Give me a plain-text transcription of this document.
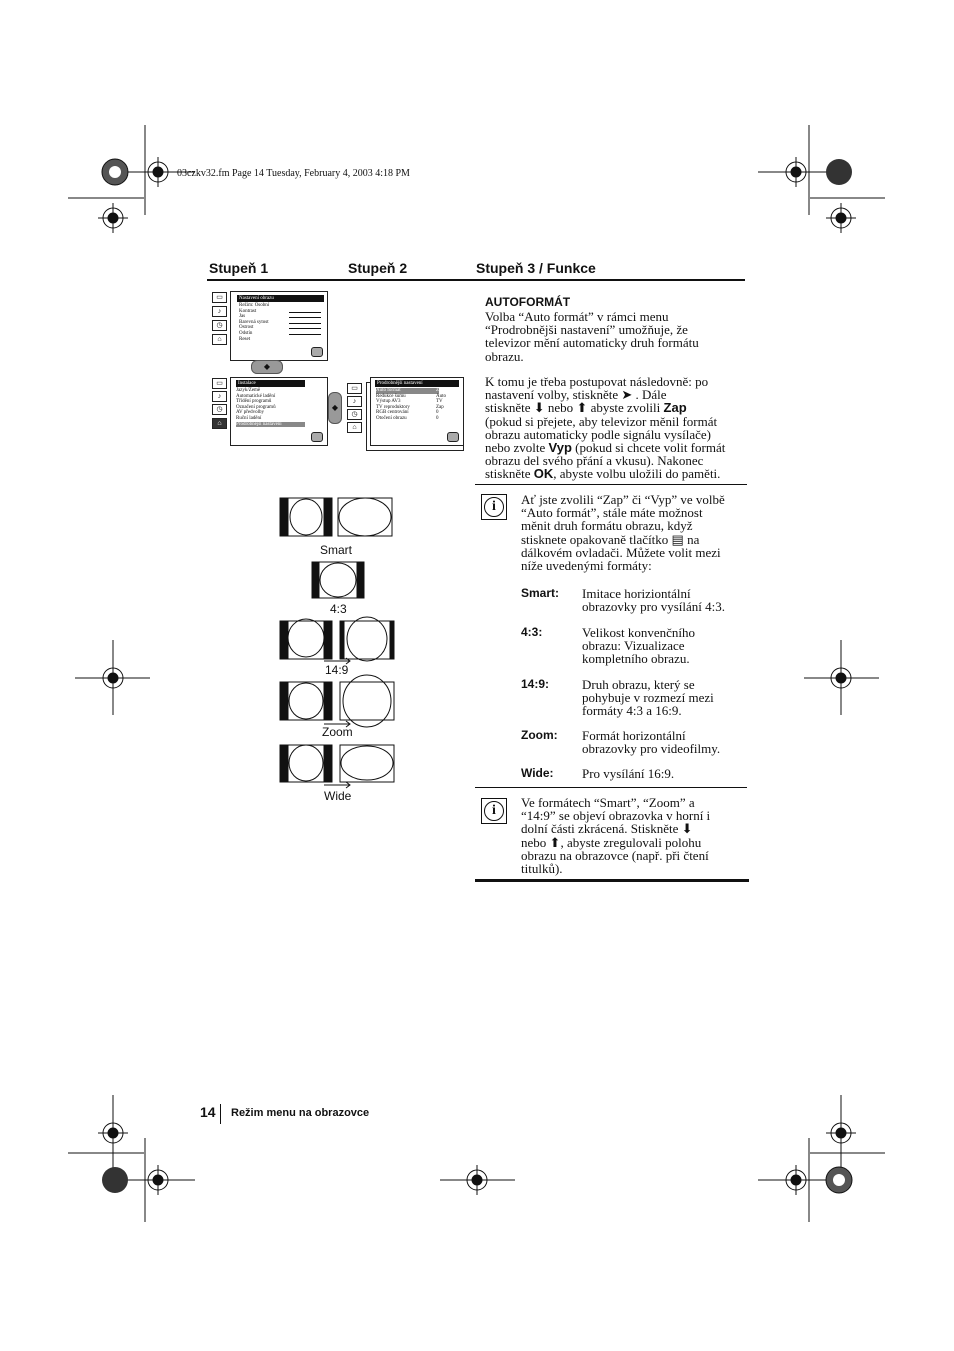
03czkv32.fm Page 14 Tuesday, February 4, 2003 4:18 PM
Stupeň 1	Stupeň 2	Stupeň 3 / Funkce
▭
♪
◷
⌂
Nastavení obrazu
Režim: Osobní
Kontrast
Jas
Barevná sytost
Ostrost
Odstín
Reset
◆
▭
♪
◷
⌂
Instalace
Jazyk/Země
Automatické ladění
Třídění programů
Označení programů
AV předvolby
Ruční ladění
Prodrobnější nastavení
◆
▭
♪
◷
⌂
Prodrobnější nastavení
Auto formát	Zap
Redukce šumu	Auto
Výstup AV3	TV
TV reproduktory	Zap
RGB centrování	0
Otočení obrazu	0
Smart
4:3
14:9
Zoom
Wide
AUTOFORMÁT
Volba “Auto formát” v rámci menu
“Prodrobnějši nastavení” umožňuje, že
televizor mění automaticky druh formátu
obrazu.
K tomu je třeba postupovat následovně: po
nastavení volby, stiskněte ➤ . Dále
stiskněte ⬇ nebo ⬆ abyste zvolili Zap
(pokud si přejete, aby televizor měnil formát
obrazu automaticky podle signálu vysílače)
nebo zvolte Vyp (pokud si chcete volit formát
obrazu del svého přání a vkusu). Nakonec
stiskněte OK, abyste volbu uložili do paměti.
i	Ať jste zvolili “Zap” či “Vyp” ve volbě
“Auto formát”, stále máte možnost
měnit druh formátu obrazu, když
stisknete opakovaně tlačítko ▤ na
dálkovém ovladači. Můžete volit mezi
níže uvedenými formáty:
Smart: Imitace horiziontální
obrazovky pro vysílání 4:3.
4:3:	Velikost konvenčního
obrazu: Vizualizace
kompletního obrazu.
14:9:	Druh obrazu, který se
pohybuje v rozmezí mezi
formáty 4:3 a 16:9.
Zoom: Formát horizontální
obrazovky pro videofilmy.
Wide: Pro vysílání 16:9.
i
Ve formátech “Smart”, “Zoom” a
“14:9” se objeví obrazovka v horní i
dolní části zkrácená. Stiskněte ⬇
nebo ⬆, abyste zregulovali polohu
obrazu na obrazovce (např. při čtení
titulků).
14 Režim menu na obrazovce
